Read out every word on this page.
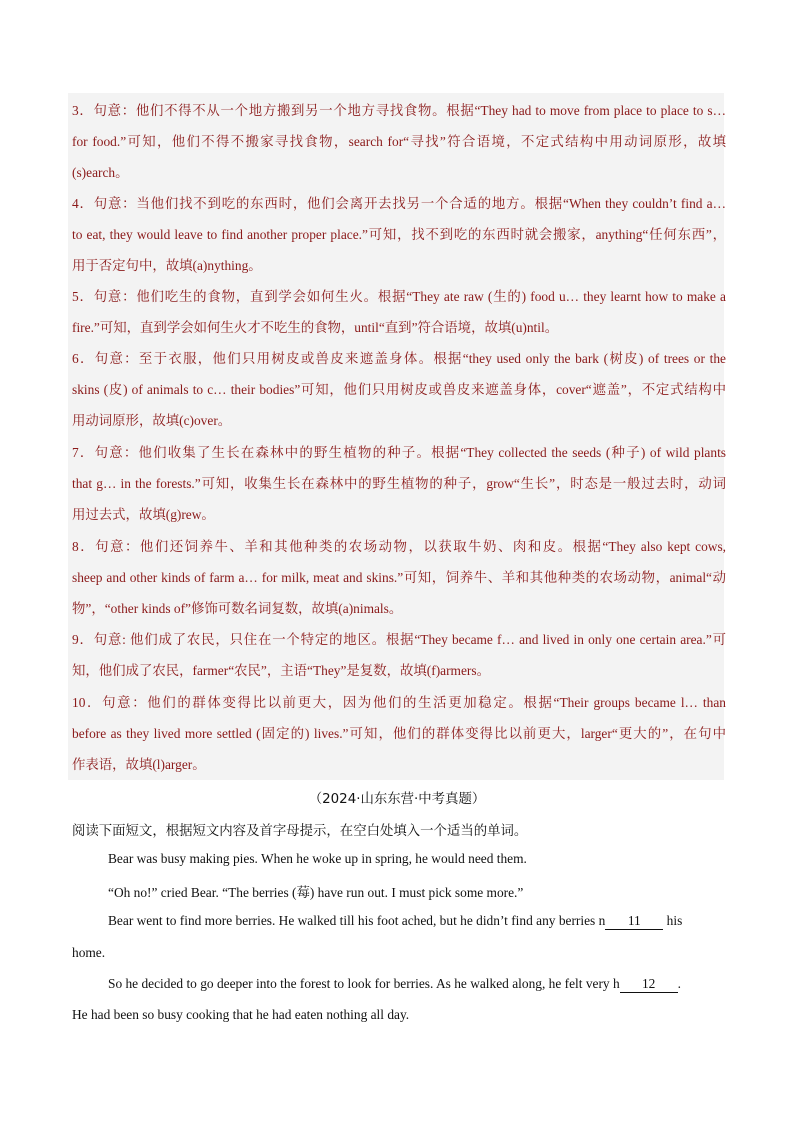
3．句意：他们不得不从一个地方搬到另一个地方寻找食物。根据“They had to move from place to place to s…
for food.”可知，他们不得不搬家寻找食物，search for“寻找”符合语境，不定式结构中用动词原形，故填
(s)earch。
4．句意：当他们找不到吃的东西时，他们会离开去找另一个合适的地方。根据“When they couldn’t find a…
to eat, they would leave to find another proper place.”可知，找不到吃的东西时就会搬家，anything“任何东西”，
用于否定句中，故填(a)nything。
5．句意：他们吃生的食物，直到学会如何生火。根据“They ate raw (生的) food u… they learnt how to make a
fire.”可知，直到学会如何生火才不吃生的食物，until“直到”符合语境，故填(u)ntil。
6．句意：至于衣服，他们只用树皮或兽皮来遮盖身体。根据“they used only the bark (树皮) of trees or the
skins (皮) of animals to c… their bodies”可知，他们只用树皮或兽皮来遮盖身体，cover“遮盖”，不定式结构中
用动词原形，故填(c)over。
7．句意：他们收集了生长在森林中的野生植物的种子。根据“They collected the seeds (种子) of wild plants
that g… in the forests.”可知，收集生长在森林中的野生植物的种子，grow“生长”，时态是一般过去时，动词
用过去式，故填(g)rew。
8．句意：他们还饲养牛、羊和其他种类的农场动物，以获取牛奶、肉和皮。根据“They also kept cows,
sheep and other kinds of farm a… for milk, meat and skins.”可知，饲养牛、羊和其他种类的农场动物，animal“动
物”，“other kinds of”修饰可数名词复数，故填(a)nimals。
9．句意: 他们成了农民，只住在一个特定的地区。根据“They became f… and lived in only one certain area.”可
知，他们成了农民，farmer“农民”，主语“They”是复数，故填(f)armers。
10．句意：他们的群体变得比以前更大，因为他们的生活更加稳定。根据“Their groups became l… than
before as they lived more settled (固定的) lives.”可知，他们的群体变得比以前更大，larger“更大的”，在句中
作表语，故填(l)arger。
（2024·山东东营·中考真题）
阅读下面短文，根据短文内容及首字母提示，在空白处填入一个适当的单词。
Bear was busy making pies. When he woke up in spring, he would need them.
“Oh no!” cried Bear. “The berries (莓) have run out. I must pick some more.”
Bear went to find more berries. He walked till his foot ached, but he didn’t find any berries n 11 his
home.
So he decided to go deeper into the forest to look for berries. As he walked along, he felt very h 12 .
He had been so busy cooking that he had eaten nothing all day.
